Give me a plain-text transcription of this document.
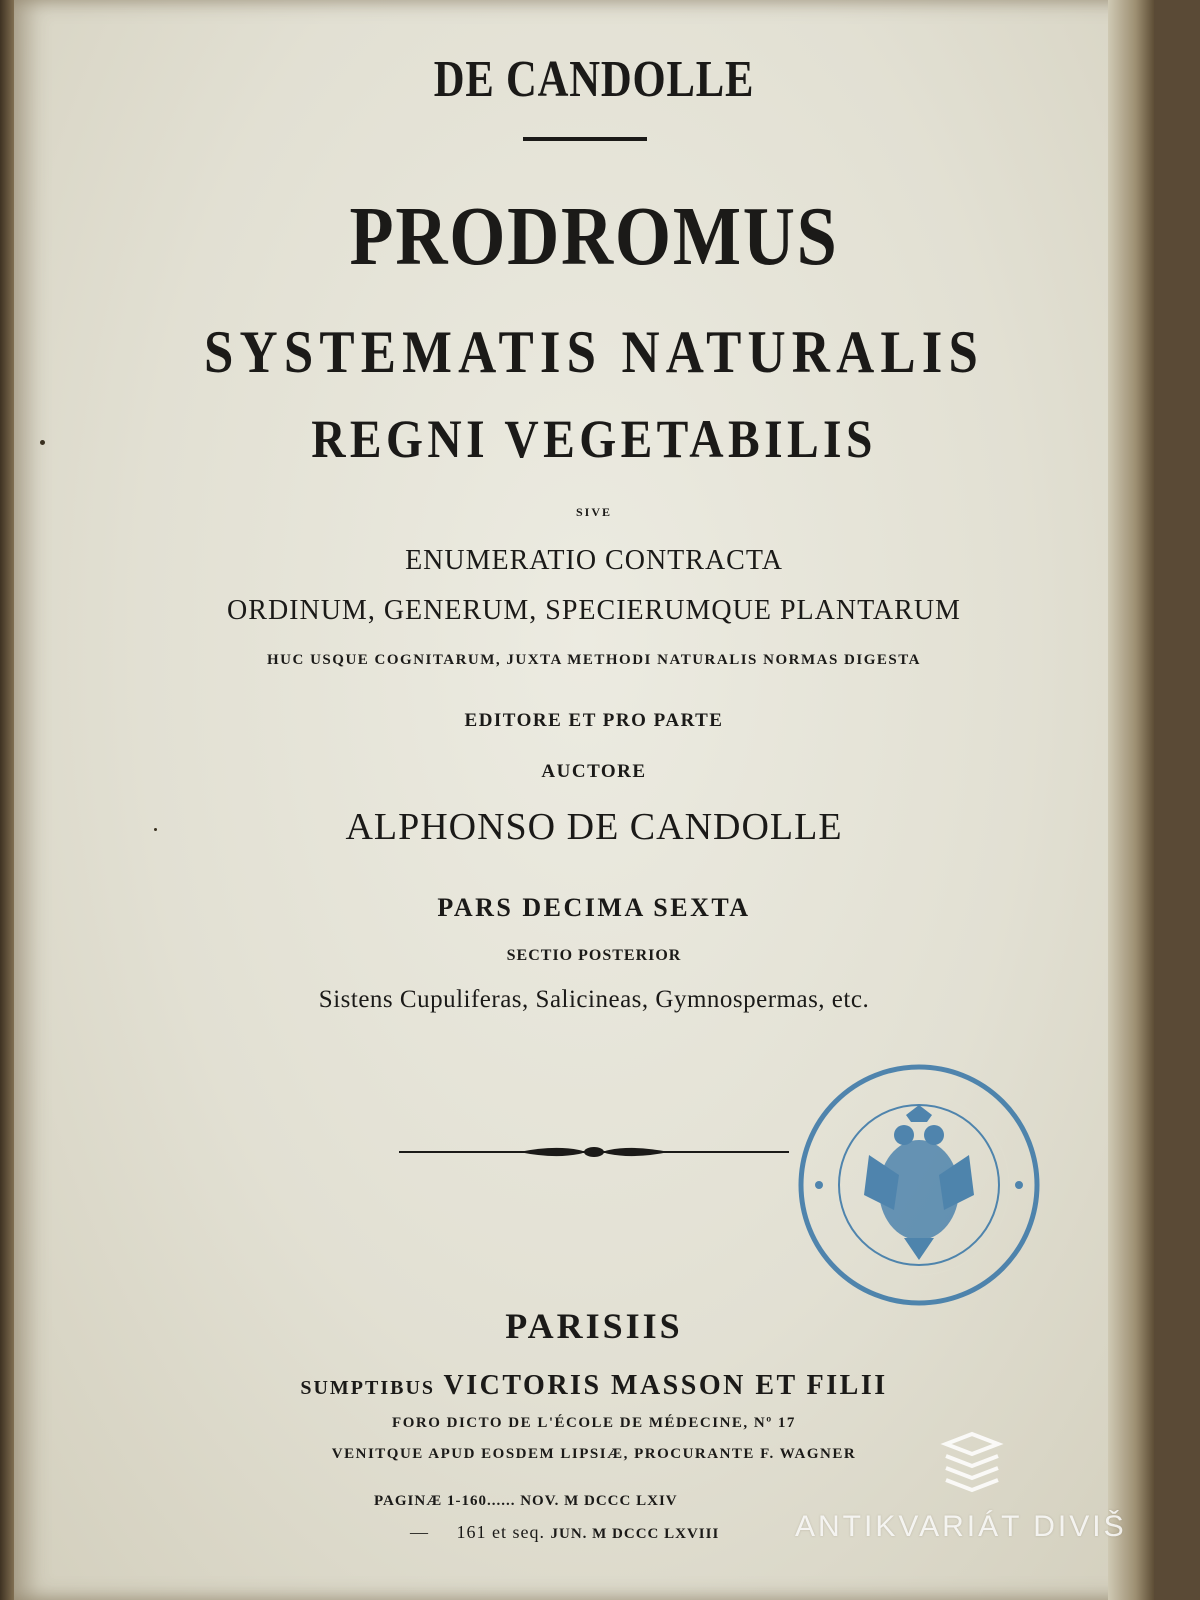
DE CANDOLLE
PRODROMUS
SYSTEMATIS NATURALIS
REGNI VEGETABILIS
SIVE
ENUMERATIO CONTRACTA
ORDINUM, GENERUM, SPECIERUMQUE PLANTARUM
HUC USQUE COGNITARUM, JUXTA METHODI NATURALIS NORMAS DIGESTA
EDITORE ET PRO PARTE
AUCTORE
ALPHONSO DE CANDOLLE
PARS DECIMA SEXTA
SECTIO POSTERIOR
Sistens Cupuliferas, Salicineas, Gymnospermas, etc.
PARISIIS
SUMPTIBUS VICTORIS MASSON ET FILII
FORO DICTO DE L'ÉCOLE DE MÉDECINE, Nº 17
VENITQUE APUD EOSDEM LIPSIÆ, PROCURANTE F. WAGNER
PAGINÆ 1-160...... NOV. M DCCC LXIV
— 161 et seq. JUN. M DCCC LXVIII	ANTIKVARIÁT DIVIŠ
